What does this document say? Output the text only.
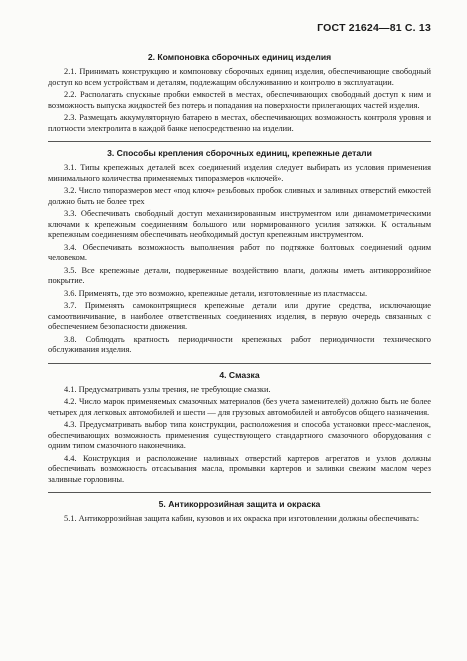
ГОСТ 21624—81 С. 13
2. Компоновка сборочных единиц изделия

2.1. Принимать конструкцию и компоновку сборочных единиц изделия, обеспечивающие свободный доступ ко всем устройствам и деталям, подлежащим обслуживанию и контролю в эксплуатации.

2.2. Располагать спускные пробки емкостей в местах, обеспечивающих свободный доступ к ним и возможность выпуска жидкостей без потерь и попадания на поверхности прилегающих частей изделия.

2.3. Размещать аккумуляторную батарею в местах, обеспечивающих возможность контроля уровня и плотности электролита в каждой банке непосредственно на изделии.

3. Способы крепления сборочных единиц, крепежные детали

3.1. Типы крепежных деталей всех соединений изделия следует выбирать из условия применения минимального количества применяемых типоразмеров «ключей».

3.2. Число типоразмеров мест «под ключ» резьбовых пробок сливных и заливных отверстий емкостей должно быть не более трех

3.3. Обеспечивать свободный доступ механизированным инструментом или динамометрическими ключами к крепежным соединениям большого или нормированного усилия затяжки. К остальным крепежным соединениям обеспечивать необходимый доступ крепежным инструментом.

3.4. Обеспечивать возможность выполнения работ по подтяжке болтовых соединений одним человеком.

3.5. Все крепежные детали, подверженные воздействию влаги, должны иметь антикоррозийное покрытие.

3.6. Применять, где это возможно, крепежные детали, изготовленные из пластмассы.

3.7. Применять самоконтрящиеся крепежные детали или другие средства, исключающие самоотвинчивание, в наиболее ответственных соединениях изделия, в первую очередь связанных с обеспечением безопасности движения.

3.8. Соблюдать кратность периодичности крепежных работ периодичности технического обслуживания изделия.

4. Смазка

4.1. Предусматривать узлы трения, не требующие смазки.

4.2. Число марок применяемых смазочных материалов (без учета заменителей) должно быть не более четырех для легковых автомобилей и шести — для грузовых автомобилей и автобусов общего назначения.

4.3. Предусматривать выбор типа конструкции, расположения и способа установки пресс-масленок, обеспечивающих возможность применения существующего стандартного смазочного оборудования с одним типом смазочного наконечника.

4.4. Конструкция и расположение наливных отверстий картеров агрегатов и узлов должны обеспечивать возможность отсасывания масла, промывки картеров и заливки свежим маслом через заливные горловины.

5. Антикоррозийная защита и окраска

5.1. Антикоррозийная защита кабин, кузовов и их окраска при изготовлении должны обеспечивать:
